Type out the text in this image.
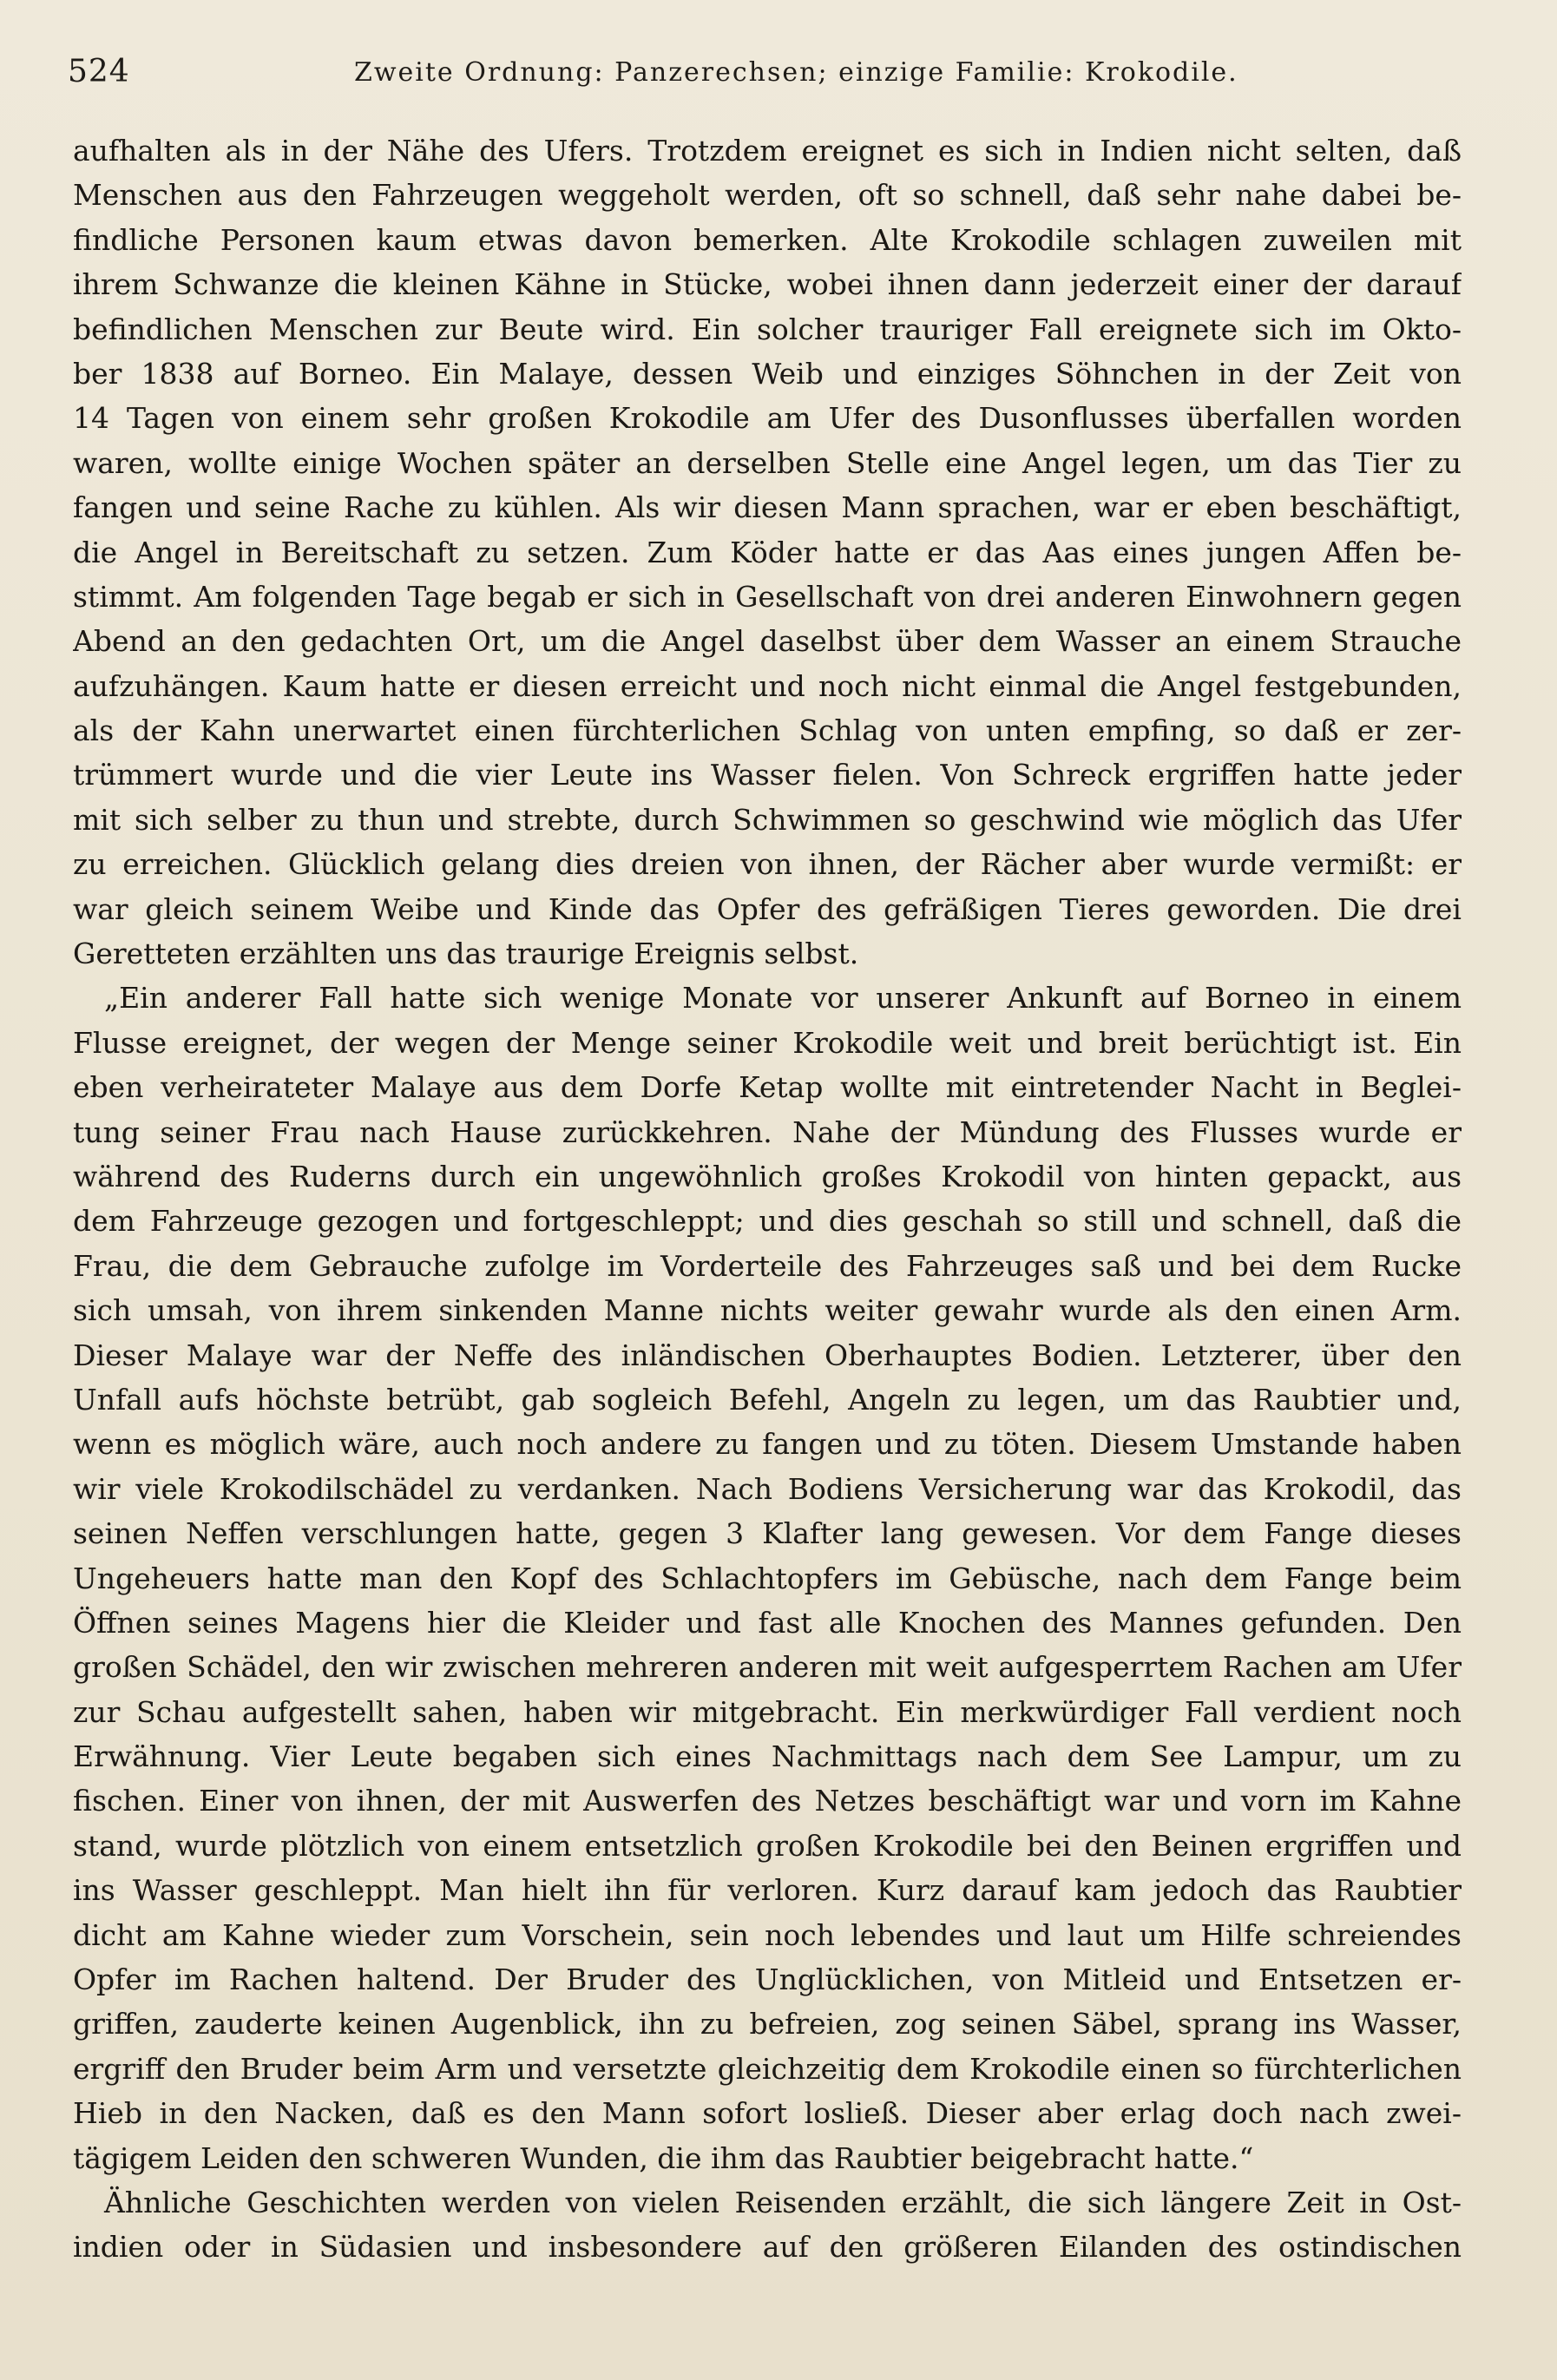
524	Zweite Ordnung: Panzerechsen; einzige Familie: Krokodile.

aufhalten als in der Nähe des Ufers. Trotzdem ereignet es sich in Indien nicht selten, daß
Menschen aus den Fahrzeugen weggeholt werden, oft so schnell, daß sehr nahe dabei be-
findliche Personen kaum etwas davon bemerken. Alte Krokodile schlagen zuweilen mit
ihrem Schwanze die kleinen Kähne in Stücke, wobei ihnen dann jederzeit einer der darauf
befindlichen Menschen zur Beute wird. Ein solcher trauriger Fall ereignete sich im Okto-
ber 1838 auf Borneo. Ein Malaye, dessen Weib und einziges Söhnchen in der Zeit von
14 Tagen von einem sehr großen Krokodile am Ufer des Dusonflusses überfallen worden
waren, wollte einige Wochen später an derselben Stelle eine Angel legen, um das Tier zu
fangen und seine Rache zu kühlen. Als wir diesen Mann sprachen, war er eben beschäftigt,
die Angel in Bereitschaft zu setzen. Zum Köder hatte er das Aas eines jungen Affen be-
stimmt. Am folgenden Tage begab er sich in Gesellschaft von drei anderen Einwohnern gegen
Abend an den gedachten Ort, um die Angel daselbst über dem Wasser an einem Strauche
aufzuhängen. Kaum hatte er diesen erreicht und noch nicht einmal die Angel festgebunden,
als der Kahn unerwartet einen fürchterlichen Schlag von unten empfing, so daß er zer-
trümmert wurde und die vier Leute ins Wasser fielen. Von Schreck ergriffen hatte jeder
mit sich selber zu thun und strebte, durch Schwimmen so geschwind wie möglich das Ufer
zu erreichen. Glücklich gelang dies dreien von ihnen, der Rächer aber wurde vermißt: er
war gleich seinem Weibe und Kinde das Opfer des gefräßigen Tieres geworden. Die drei
Geretteten erzählten uns das traurige Ereignis selbst.

„Ein anderer Fall hatte sich wenige Monate vor unserer Ankunft auf Borneo in einem
Flusse ereignet, der wegen der Menge seiner Krokodile weit und breit berüchtigt ist. Ein
eben verheirateter Malaye aus dem Dorfe Ketap wollte mit eintretender Nacht in Beglei-
tung seiner Frau nach Hause zurückkehren. Nahe der Mündung des Flusses wurde er
während des Ruderns durch ein ungewöhnlich großes Krokodil von hinten gepackt, aus
dem Fahrzeuge gezogen und fortgeschleppt; und dies geschah so still und schnell, daß die
Frau, die dem Gebrauche zufolge im Vorderteile des Fahrzeuges saß und bei dem Rucke
sich umsah, von ihrem sinkenden Manne nichts weiter gewahr wurde als den einen Arm.
Dieser Malaye war der Neffe des inländischen Oberhauptes Bodien. Letzterer, über den
Unfall aufs höchste betrübt, gab sogleich Befehl, Angeln zu legen, um das Raubtier und,
wenn es möglich wäre, auch noch andere zu fangen und zu töten. Diesem Umstande haben
wir viele Krokodilschädel zu verdanken. Nach Bodiens Versicherung war das Krokodil, das
seinen Neffen verschlungen hatte, gegen 3 Klafter lang gewesen. Vor dem Fange dieses
Ungeheuers hatte man den Kopf des Schlachtopfers im Gebüsche, nach dem Fange beim
Öffnen seines Magens hier die Kleider und fast alle Knochen des Mannes gefunden. Den
großen Schädel, den wir zwischen mehreren anderen mit weit aufgesperrtem Rachen am Ufer
zur Schau aufgestellt sahen, haben wir mitgebracht. Ein merkwürdiger Fall verdient noch
Erwähnung. Vier Leute begaben sich eines Nachmittags nach dem See Lampur, um zu
fischen. Einer von ihnen, der mit Auswerfen des Netzes beschäftigt war und vorn im Kahne
stand, wurde plötzlich von einem entsetzlich großen Krokodile bei den Beinen ergriffen und
ins Wasser geschleppt. Man hielt ihn für verloren. Kurz darauf kam jedoch das Raubtier
dicht am Kahne wieder zum Vorschein, sein noch lebendes und laut um Hilfe schreiendes
Opfer im Rachen haltend. Der Bruder des Unglücklichen, von Mitleid und Entsetzen er-
griffen, zauderte keinen Augenblick, ihn zu befreien, zog seinen Säbel, sprang ins Wasser,
ergriff den Bruder beim Arm und versetzte gleichzeitig dem Krokodile einen so fürchterlichen
Hieb in den Nacken, daß es den Mann sofort losließ. Dieser aber erlag doch nach zwei-
tägigem Leiden den schweren Wunden, die ihm das Raubtier beigebracht hatte.“

Ähnliche Geschichten werden von vielen Reisenden erzählt, die sich längere Zeit in Ost-
indien oder in Südasien und insbesondere auf den größeren Eilanden des ostindischen
